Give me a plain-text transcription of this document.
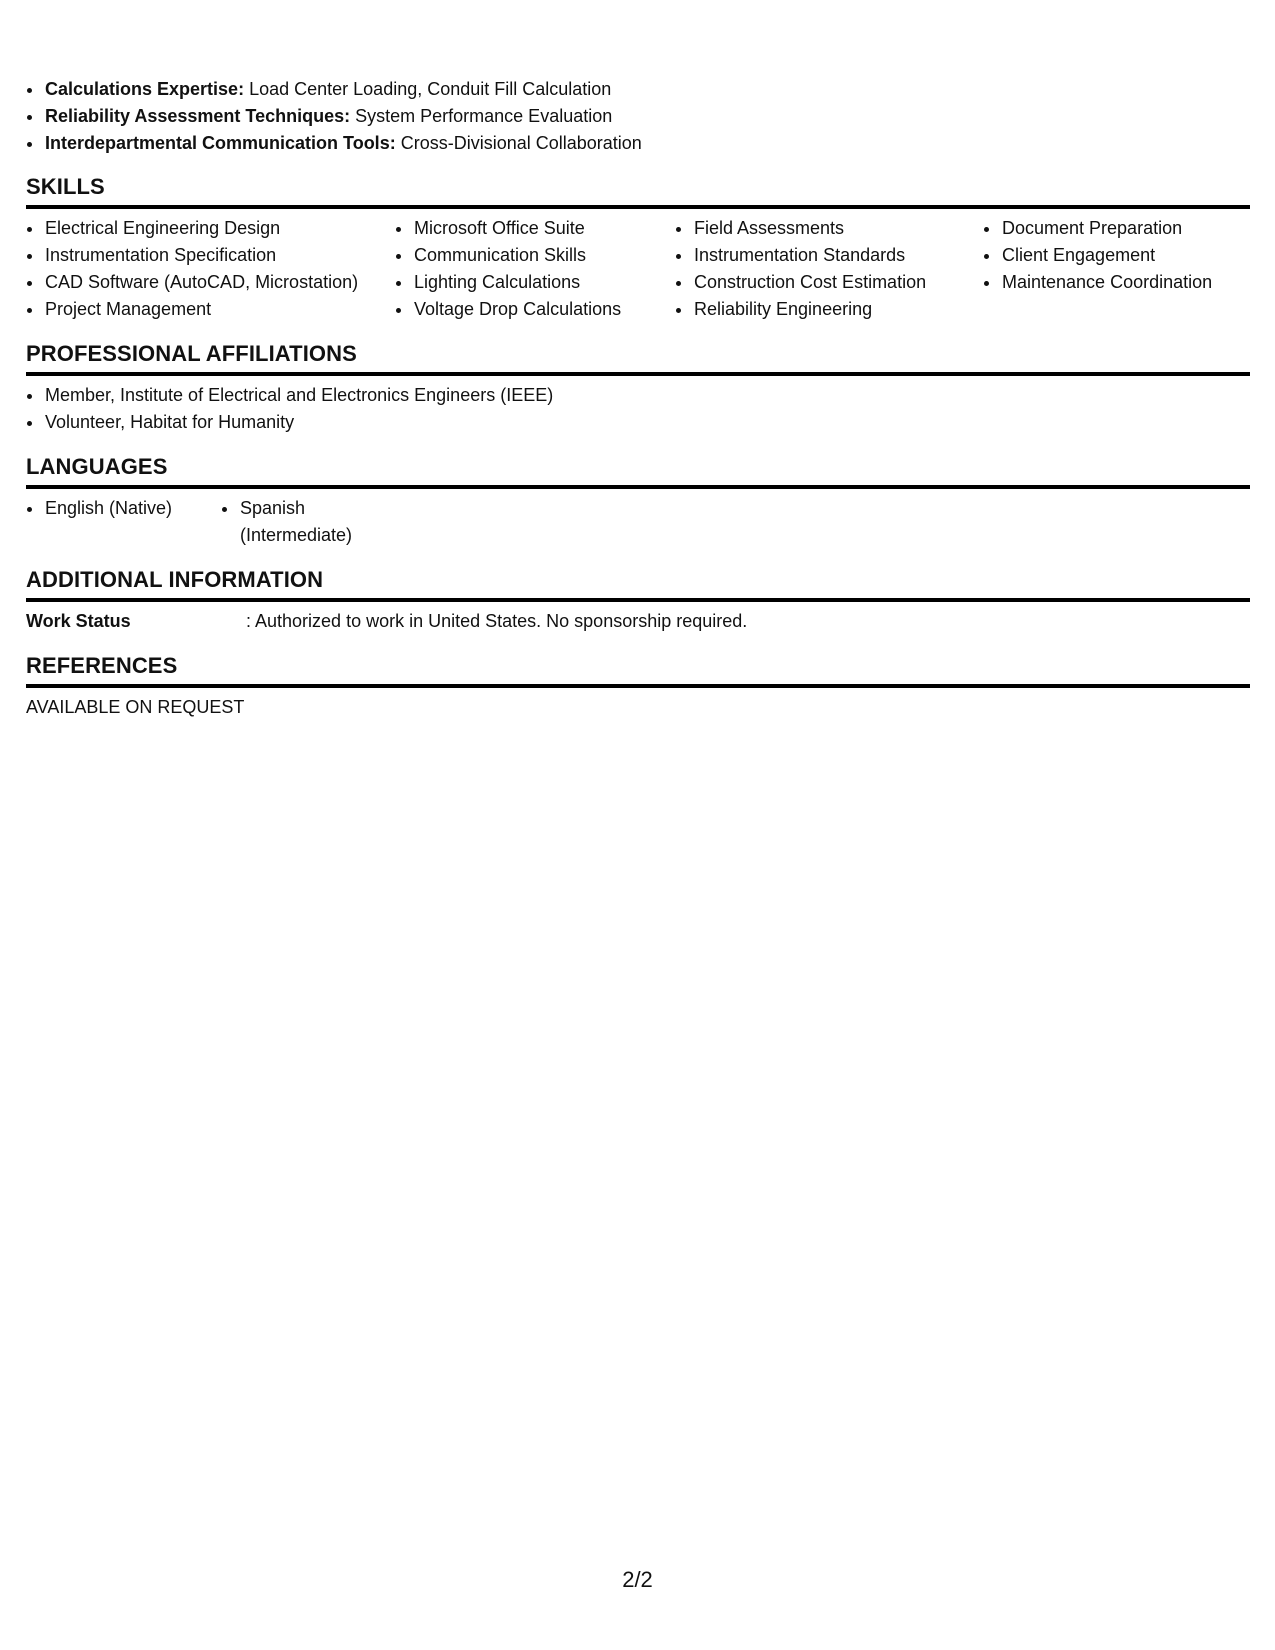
• Calculations Expertise: Load Center Loading, Conduit Fill Calculation
• Reliability Assessment Techniques: System Performance Evaluation
• Interdepartmental Communication Tools: Cross-Divisional Collaboration
SKILLS
• Electrical Engineering Design
• Instrumentation Specification
• CAD Software (AutoCAD, Microstation)
• Project Management
• Microsoft Office Suite
• Communication Skills
• Lighting Calculations
• Voltage Drop Calculations
• Field Assessments
• Instrumentation Standards
• Construction Cost Estimation
• Reliability Engineering
• Document Preparation
• Client Engagement
• Maintenance Coordination
PROFESSIONAL AFFILIATIONS
• Member, Institute of Electrical and Electronics Engineers (IEEE)
• Volunteer, Habitat for Humanity
LANGUAGES
• English (Native)
•	Spanish (Intermediate)
ADDITIONAL INFORMATION
Work Status	: Authorized to work in United States. No sponsorship required.
REFERENCES

AVAILABLE ON REQUEST

2/2
